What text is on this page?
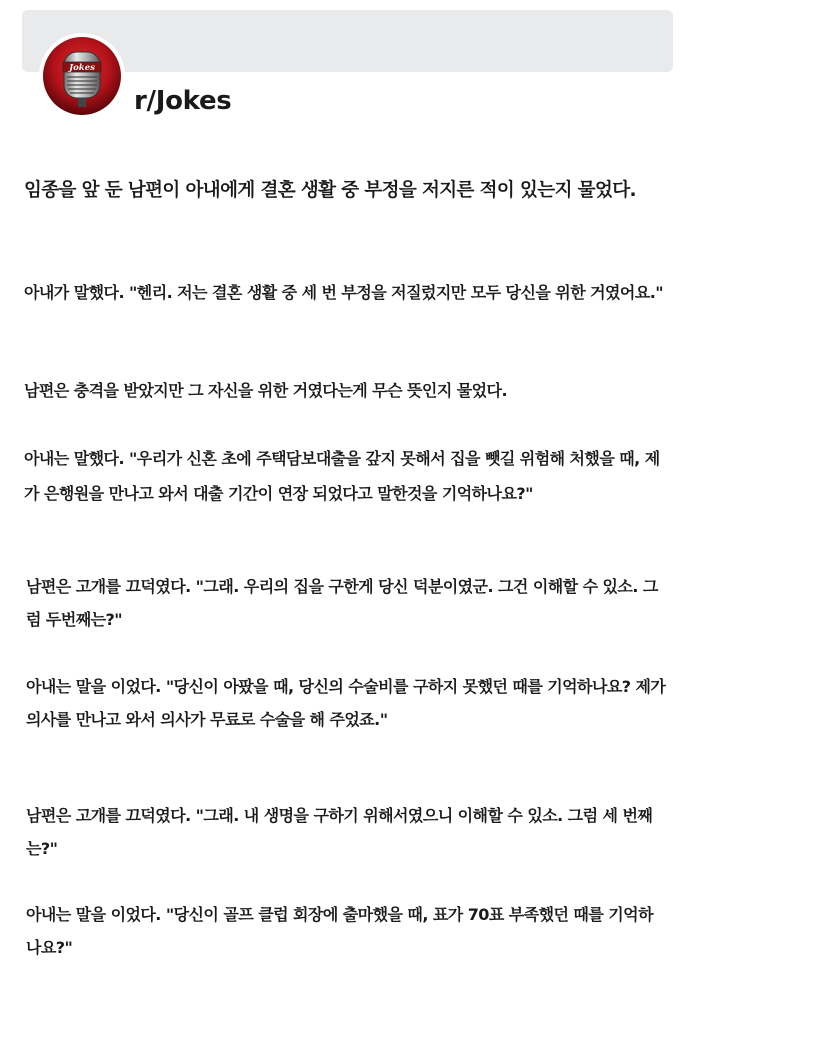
Jokes
r/Jokes
임종을 앞 둔 남편이 아내에게 결혼 생활 중 부정을 저지른 적이 있는지 물었다.

아내가 말했다. "헨리. 저는 결혼 생활 중 세 번 부정을 저질렀지만 모두 당신을 위한 거였어요."

남편은 충격을 받았지만 그 자신을 위한 거였다는게 무슨 뜻인지 물었다.

아내는 말했다. "우리가 신혼 초에 주택담보대출을 갚지 못해서 집을 뺏길 위험해 처했을 때, 제가 은행원을 만나고 와서 대출 기간이 연장 되었다고 말한것을 기억하나요?"

남편은 고개를 끄덕였다. "그래. 우리의 집을 구한게 당신 덕분이였군. 그건 이해할 수 있소. 그럼 두번째는?"

아내는 말을 이었다. "당신이 아팠을 때, 당신의 수술비를 구하지 못했던 때를 기억하나요? 제가 의사를 만나고 와서 의사가 무료로 수술을 해 주었죠."

남편은 고개를 끄덕였다. "그래. 내 생명을 구하기 위해서였으니 이해할 수 있소. 그럼 세 번째는?"

아내는 말을 이었다. "당신이 골프 클럽 회장에 출마했을 때, 표가 70표 부족했던 때를 기억하나요?"
